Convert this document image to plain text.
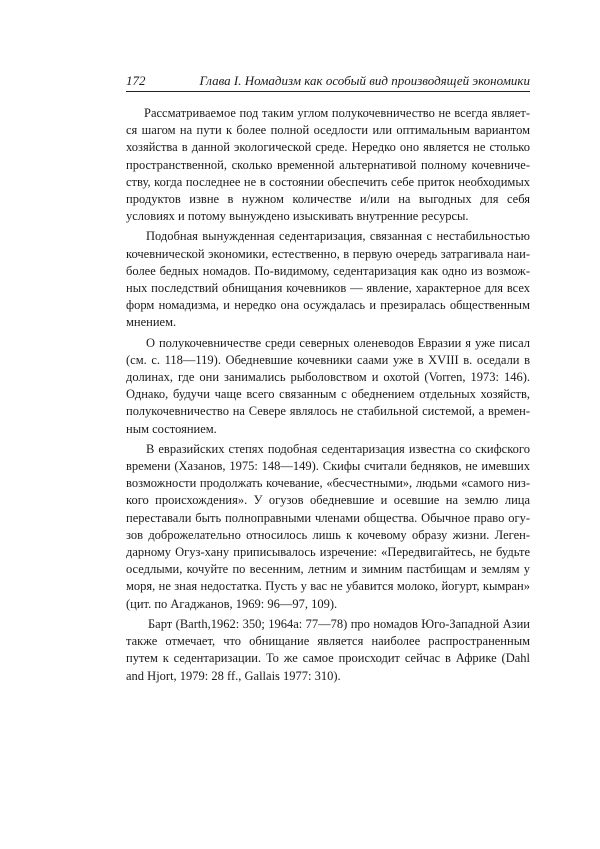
172	Глава I. Номадизм как особый вид производящей экономики

Рассматриваемое под таким углом полукочевничество не всегда является шагом на пути к более полной оседлости или оптимальным вариантом хозяйства в данной экологической среде. Нередко оно является не столько пространственной, сколько временной альтернативой полному кочевничеству, когда последнее не в состоянии обеспечить себе приток необходимых продуктов извне в нужном количестве и/или на выгодных для себя условиях и потому вынуждено изыскивать внутренние ресурсы.

Подобная вынужденная седентаризация, связанная с нестабильностью кочевнической экономики, естественно, в первую очередь затрагивала наиболее бедных номадов. По-видимому, седентаризация как одно из возможных последствий обнищания кочевников — явление, характерное для всех форм номадизма, и нередко она осуждалась и презиралась общественным мнением.

О полукочевничестве среди северных оленеводов Евразии я уже писал (см. с. 118—119). Обедневшие кочевники саами уже в XVIII в. оседали в долинах, где они занимались рыболовством и охотой (Vorren, 1973: 146). Однако, будучи чаще всего связанным с обеднением отдельных хозяйств, полукочевничество на Севере являлось не стабильной системой, а временным состоянием.

В евразийских степях подобная седентаризация известна со скифского времени (Хазанов, 1975: 148—149). Скифы считали бедняков, не имевших возможности продолжать кочевание, «бесчестными», людьми «самого низкого происхождения». У огузов обедневшие и осевшие на землю лица переставали быть полноправными членами общества. Обычное право огузов доброжелательно относилось лишь к кочевому образу жизни. Легендарному Огуз-хану приписывалось изречение: «Передвигайтесь, не будьте оседлыми, кочуйте по весенним, летним и зимним пастбищам и землям у моря, не зная недостатка. Пусть у вас не убавится молоко, йогурт, кымран» (цит. по Агаджанов, 1969: 96—97, 109).

Барт (Barth,1962: 350; 1964a: 77—78) про номадов Юго-Западной Азии также отмечает, что обнищание является наиболее распространенным путем к седентаризации. То же самое происходит сейчас в Африке (Dahl and Hjort, 1979: 28 ff., Gallais 1977: 310).
